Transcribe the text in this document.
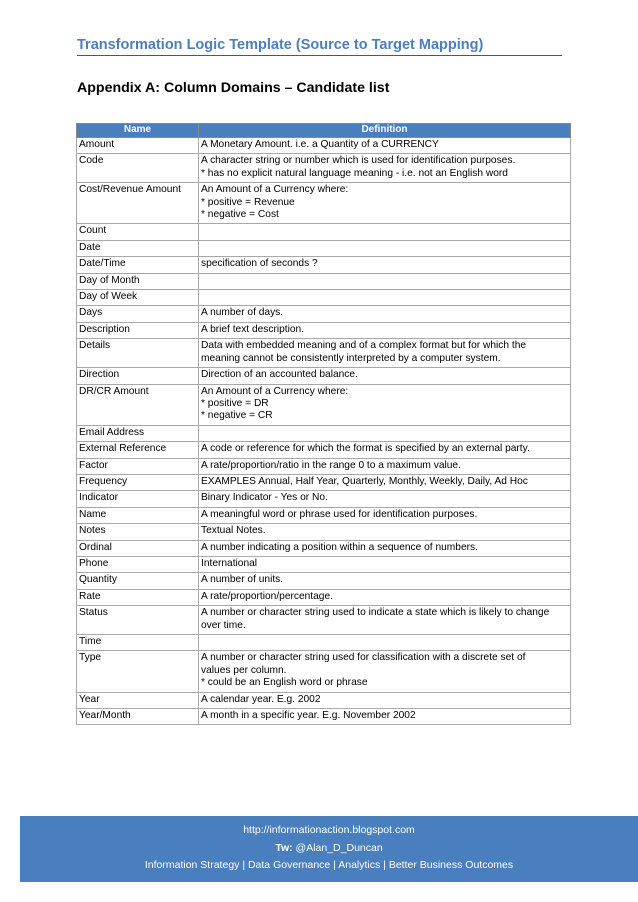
Transformation Logic Template (Source to Target Mapping)
Appendix A: Column Domains – Candidate list
Name	Definition
Amount	A Monetary Amount. i.e. a Quantity of a CURRENCY
Code	A character string or number which is used for identification purposes.
* has no explicit natural language meaning - i.e. not an English word
Cost/Revenue Amount	An Amount of a Currency where:
* positive = Revenue
* negative = Cost
Count	
Date	
Date/Time	specification of seconds ?
Day of Month	
Day of Week	
Days	A number of days.
Description	A brief text description.
Details	Data with embedded meaning and of a complex format but for which the
meaning cannot be consistently interpreted by a computer system.
Direction	Direction of an accounted balance.
DR/CR Amount	An Amount of a Currency where:
* positive = DR
* negative = CR
Email Address	
External Reference	A code or reference for which the format is specified by an external party.
Factor	A rate/proportion/ratio in the range 0 to a maximum value.
Frequency	EXAMPLES Annual, Half Year, Quarterly, Monthly, Weekly, Daily, Ad Hoc
Indicator	Binary Indicator - Yes or No.
Name	A meaningful word or phrase used for identification purposes.
Notes	Textual Notes.
Ordinal	A number indicating a position within a sequence of numbers.
Phone	International
Quantity	A number of units.
Rate	A rate/proportion/percentage.
Status	A number or character string used to indicate a state which is likely to change
over time.
Time	
Type	A number or character string used for classification with a discrete set of
values per column.
* could be an English word or phrase
Year	A calendar year. E.g. 2002
Year/Month	A month in a specific year. E.g. November 2002
http://informationaction.blogspot.com
Tw: @Alan_D_Duncan
Information Strategy | Data Governance | Analytics | Better Business Outcomes
